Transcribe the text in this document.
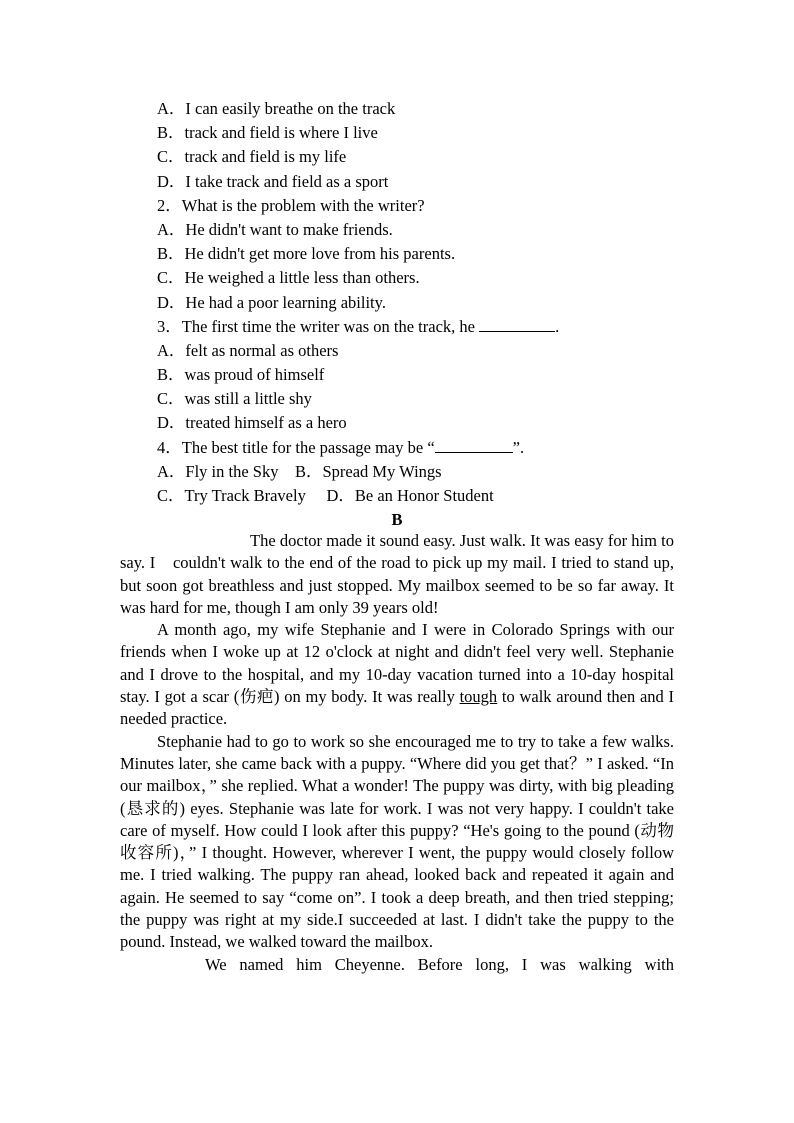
A．I can easily breathe on the track
B．track and field is where I live
C．track and field is my life
D．I take track and field as a sport
2．What is the problem with the writer?
A．He didn't want to make friends.
B．He didn't get more love from his parents.
C．He weighed a little less than others.
D．He had a poor learning ability.
3．The first time the writer was on the track, he	.
A．felt as normal as others
B．was proud of himself
C．was still a little shy
D．treated himself as a hero
4．The best title for the passage may be “	”.
A．Fly in the Sky　B．Spread My Wings
C．Try Track Bravely　 D．Be an Honor Student
B

The doctor made it sound easy. Just walk. It was easy for him to say. I　couldn't walk to the end of the road to pick up my mail. I tried to stand up, but soon got breathless and just stopped. My mailbox seemed to be so far away. It was hard for me, though I am only 39 years old!

A month ago, my wife Stephanie and I were in Colorado Springs with our friends when I woke up at 12 o'clock at night and didn't feel very well. Stephanie and I drove to the hospital, and my 10-day vacation turned into a 10-day hospital stay. I got a scar (伤疤) on my body. It was really tough to walk around then and I needed practice.

Stephanie had to go to work so she encouraged me to try to take a few walks. Minutes later, she came back with a puppy. “Where did you get that？” I asked. “In our mailbox，” she replied. What a wonder! The puppy was dirty, with big pleading (恳求的) eyes. Stephanie was late for work. I was not very happy. I couldn't take care of myself. How could I look after this puppy? “He's going to the pound (动物收容所)，” I thought. However, wherever I went, the puppy would closely follow me. I tried walking. The puppy ran ahead, looked back and repeated it again and again. He seemed to say “come on”. I took a deep breath, and then tried stepping; the puppy was right at my side.I succeeded at last. I didn't take the puppy to the pound. Instead, we walked toward the mailbox.

We named him Cheyenne. Before long, I was walking with
